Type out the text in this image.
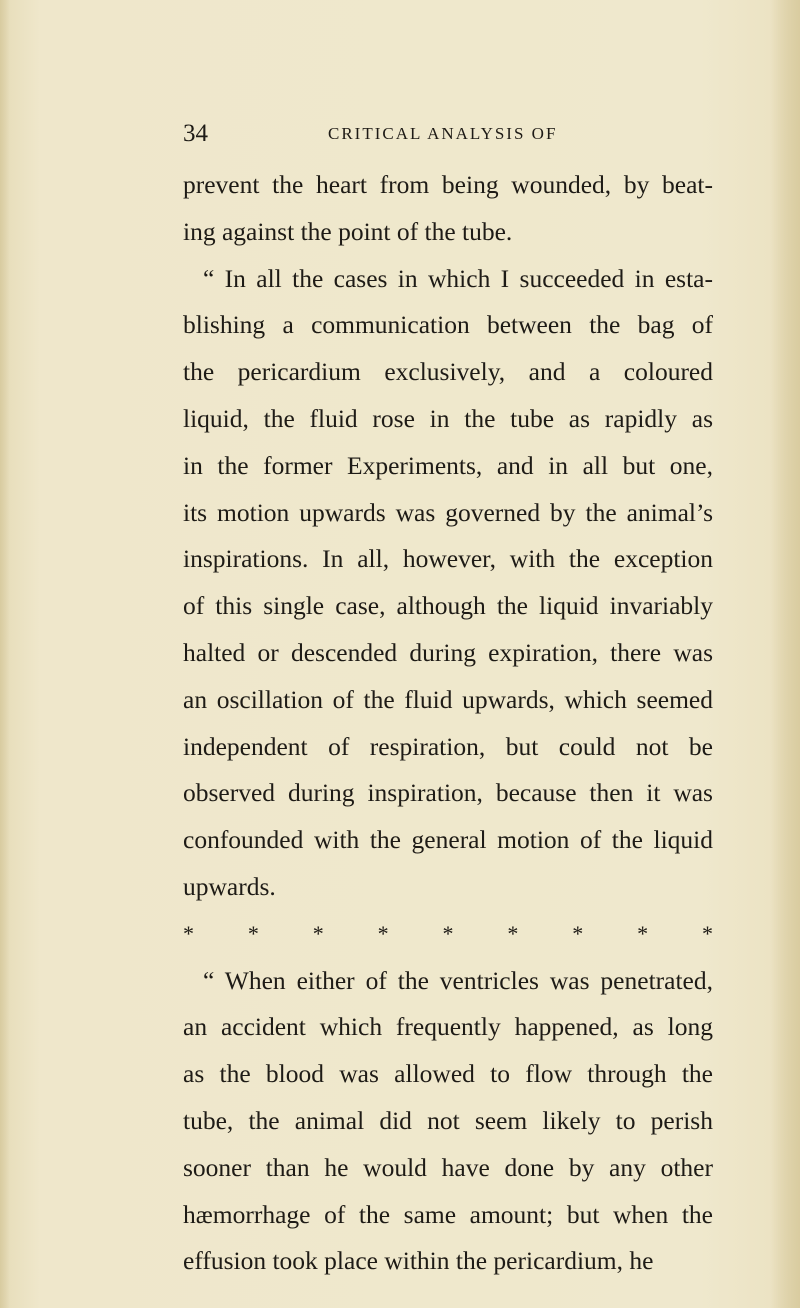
34	CRITICAL ANALYSIS OF
prevent the heart from being wounded, by beat-
ing against the point of the tube.
“ In all the cases in which I succeeded in esta-
blishing a communication between the bag of
the pericardium exclusively, and a coloured
liquid, the fluid rose in the tube as rapidly as
in the former Experiments, and in all but one,
its motion upwards was governed by the animal’s
inspirations. In all, however, with the exception
of this single case, although the liquid invariably
halted or descended during expiration, there was
an oscillation of the fluid upwards, which seemed
independent of respiration, but could not be
observed during inspiration, because then it was
confounded with the general motion of the liquid
upwards.
* * * * * * * * *
“ When either of the ventricles was penetrated,
an accident which frequently happened, as long
as the blood was allowed to flow through the
tube, the animal did not seem likely to perish
sooner than he would have done by any other
hæmorrhage of the same amount; but when the
effusion took place within the pericardium, he
